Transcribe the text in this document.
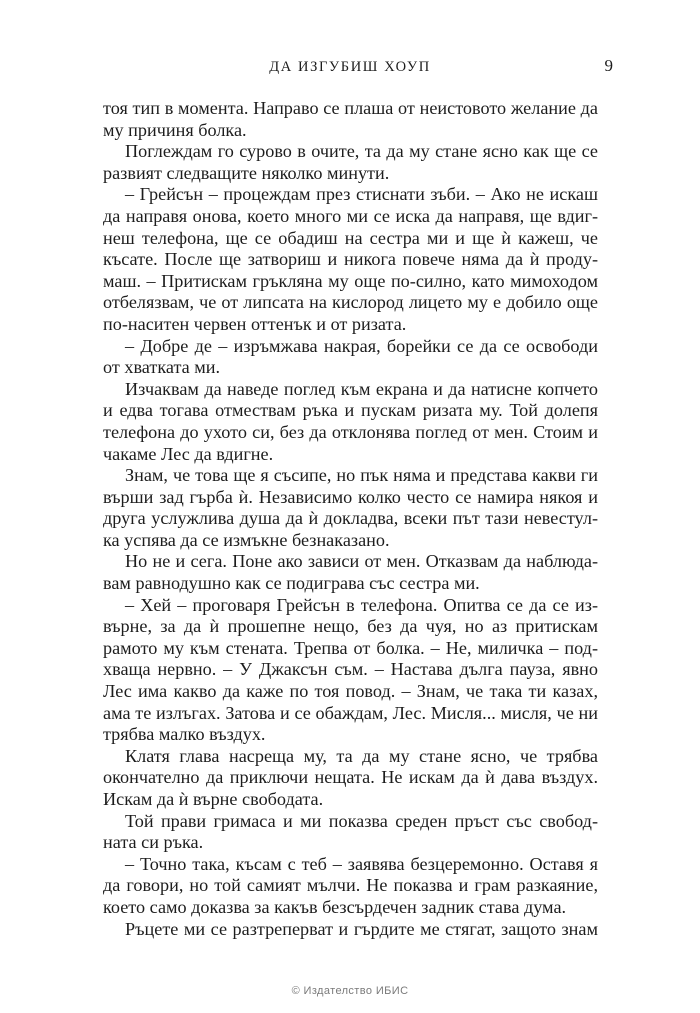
ДА ИЗГУБИШ ХОУП	9

тоя тип в момента. Направо се плаша от неистовото желание да му причиня болка.

Поглеждам го сурово в очите, та да му стане ясно как ще се развият следващите няколко минути.

– Грейсън – процеждам през стиснати зъби. – Ако не искаш да направя онова, което много ми се иска да направя, ще вдигнеш телефона, ще се обадиш на сестра ми и ще ѝ кажеш, че късате. После ще затвориш и никога повече няма да ѝ продумаш. – Притискам гръкляна му още по-силно, като мимоходом отбелязвам, че от липсата на кислород лицето му е добило още по-наситен червен оттенък и от ризата.

– Добре де – изръмжава накрая, борейки се да се освободи от хватката ми.

Изчаквам да наведе поглед към екрана и да натисне копчето и едва тогава отмествам ръка и пускам ризата му. Той долепя телефона до ухото си, без да отклонява поглед от мен. Стоим и чакаме Лес да вдигне.

Знам, че това ще я съсипе, но пък няма и представа какви ги върши зад гърба ѝ. Независимо колко често се намира някоя и друга услужлива душа да ѝ докладва, всеки път тази невестулка успява да се измъкне безнаказано.

Но не и сега. Поне ако зависи от мен. Отказвам да наблюдавам равнодушно как се подиграва със сестра ми.

– Хей – проговаря Грейсън в телефона. Опитва се да се извърне, за да ѝ прошепне нещо, без да чуя, но аз притискам рамото му към стената. Трепва от болка. – Не, миличка – подхваща нервно. – У Джаксън съм. – Настава дълга пауза, явно Лес има какво да каже по тоя повод. – Знам, че така ти казах, ама те излъгах. Затова и се обаждам, Лес. Мисля... мисля, че ни трябва малко въздух.

Клатя глава насреща му, та да му стане ясно, че трябва окончателно да приключи нещата. Не искам да ѝ дава въздух. Искам да ѝ върне свободата.

Той прави гримаса и ми показва среден пръст със свободната си ръка.

– Точно така, късам с теб – заявява безцеремонно. Оставя я да говори, но той самият мълчи. Не показва и грам разкаяние, което само доказва за какъв безсърдечен задник става дума.

Ръцете ми се разтреперват и гърдите ме стягат, защото знам

© Издателство ИБИС
